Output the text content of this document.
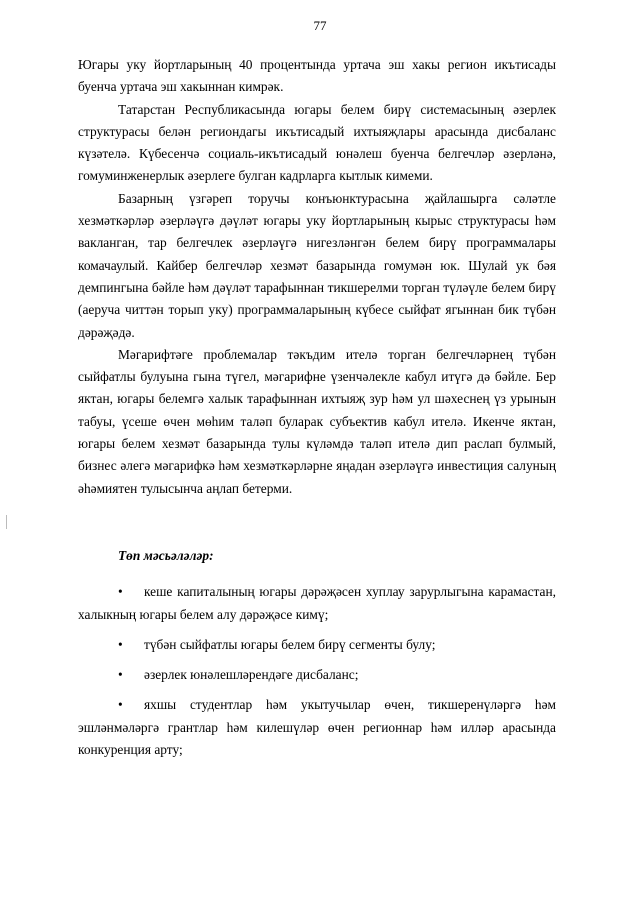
77

Югары уку йортларының 40 процентында уртача эш хакы регион икътисады буенча уртача эш хакыннан кимрәк.

Татарстан Республикасында югары белем бирү системасының әзерлек структурасы белән региондагы икътисадый ихтыяҗлары арасында дисбаланс күзәтелә. Күбесенчә социаль-икътисадый юнәлеш буенча белгечләр әзерләнә, гомуминженерлык әзерлеге булган кадрларга кытлык кимеми.

Базарның үзгәреп торучы конъюнктурасына җайлашырга сәләтле хезмәткәрләр әзерләүгә дәүләт югары уку йортларының кырыс структурасы һәм вакланган, тар белгечлек әзерләүгә нигезләнгән белем бирү программалары комачаулый. Кайбер белгечләр хезмәт базарында гомумән юк. Шулай ук бәя демпингына бәйле һәм дәүләт тарафыннан тикшерелми торган түләүле белем бирү (аеруча читтән торып уку) программаларының күбесе сыйфат ягыннан бик түбән дәрәҗәдә.

Мәгарифтәге проблемалар тәкъдим ителә торган белгечләрнең түбән сыйфатлы булуына гына түгел, мәгарифне үзенчәлекле кабул итүгә дә бәйле. Бер яктан, югары белемгә халык тарафыннан ихтыяҗ зур һәм ул шәхеснең үз урынын табуы, үсеше өчен мөһим таләп буларак субъектив кабул ителә. Икенче яктан, югары белем хезмәт базарында тулы күләмдә таләп ителә дип раслап булмый, бизнес әлегә мәгарифкә һәм хезмәткәрләрне яңадан әзерләүгә инвестиция салуның әһәмиятен тулысынча аңлап бетерми.

Төп мәсьәләләр:

• кеше капиталының югары дәрәҗәсен хуплау зарурлыгына карамастан, халыкның югары белем алу дәрәҗәсе кимү;
• түбән сыйфатлы югары белем бирү сегменты булу;
• әзерлек юнәлешләрендәге дисбаланс;
• яхшы студентлар һәм укытучылар өчен, тикшеренүләргә һәм эшләнмәләргә грантлар һәм килешүләр өчен регионнар һәм илләр арасында конкуренция арту;
